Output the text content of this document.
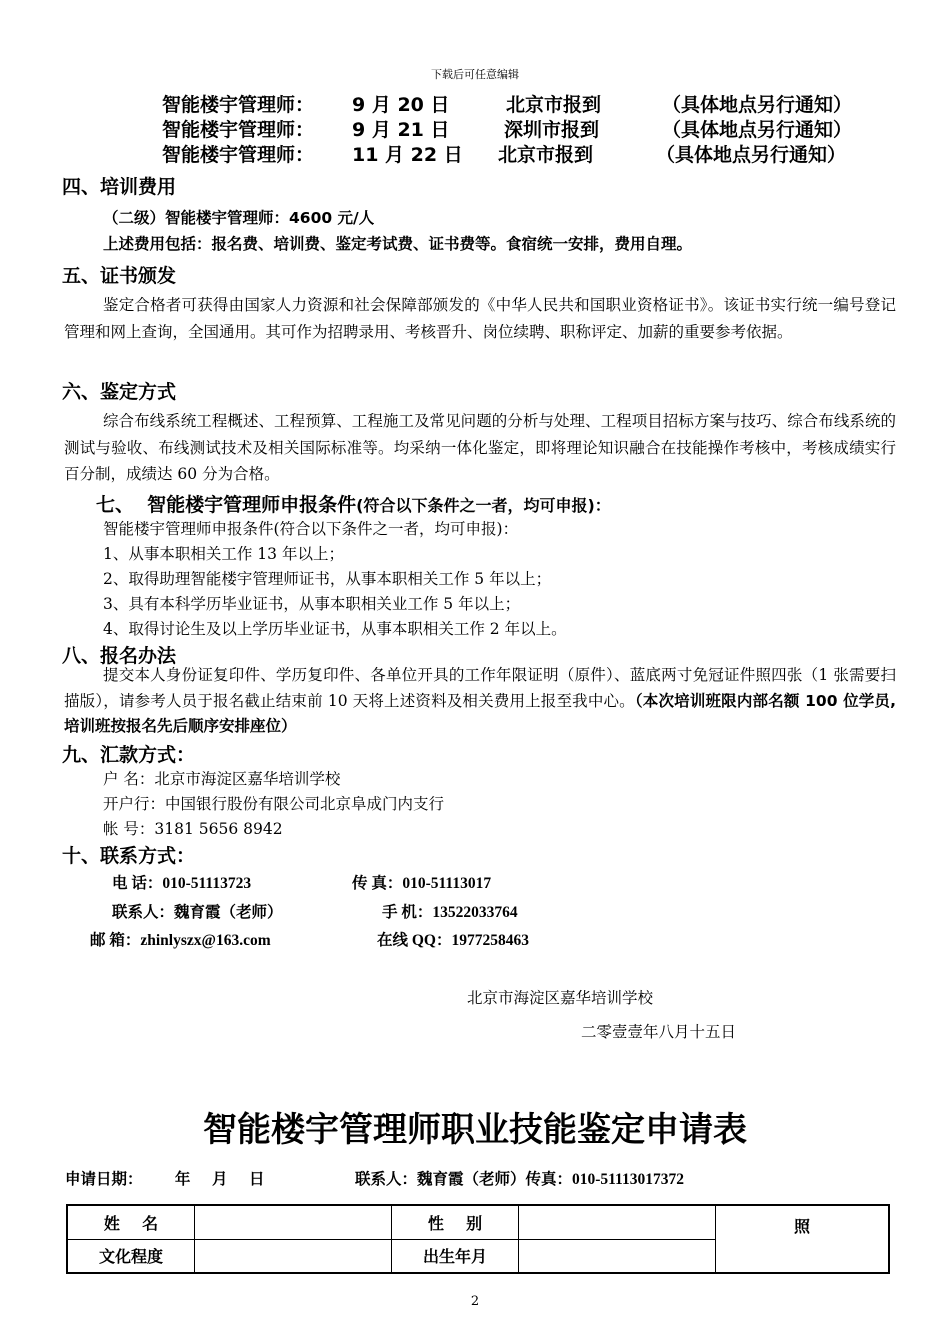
下载后可任意编辑
智能楼宇管理师： 9 月 20 日	北京市报到	（具体地点另行通知）
智能楼宇管理师： 9 月 21 日	深圳市报到	（具体地点另行通知）
智能楼宇管理师： 11 月 22 日 北京市报到	（具体地点另行通知）
四、培训费用
（二级）智能楼宇管理师：4600 元/人
上述费用包括：报名费、培训费、鉴定考试费、证书费等。食宿统一安排，费用自理。
五、证书颁发

鉴定合格者可获得由国家人力资源和社会保障部颁发的《中华人民共和国职业资格证书》。该证书实行统一编号登记管理和网上查询，全国通用。其可作为招聘录用、考核晋升、岗位续聘、职称评定、加薪的重要参考依据。

六、鉴定方式

综合布线系统工程概述、工程预算、工程施工及常见问题的分析与处理、工程项目招标方案与技巧、综合布线系统的测试与验收、布线测试技术及相关国际标准等。均采纳一体化鉴定，即将理论知识融合在技能操作考核中，考核成绩实行百分制，成绩达 60 分为合格。

七、 智能楼宇管理师申报条件(符合以下条件之一者，均可申报)：
智能楼宇管理师申报条件(符合以下条件之一者，均可申报)：
1、从事本职相关工作 13 年以上；
2、取得助理智能楼宇管理师证书，从事本职相关工作 5 年以上；
3、具有本科学历毕业证书，从事本职相关业工作 5 年以上；
4、取得讨论生及以上学历毕业证书，从事本职相关工作 2 年以上。
八、报名办法

提交本人身份证复印件、学历复印件、各单位开具的工作年限证明（原件）、蓝底两寸免冠证件照四张（1 张需要扫描版），请参考人员于报名截止结束前 10 天将上述资料及相关费用上报至我中心。（本次培训班限内部名额 100 位学员,培训班按报名先后顺序安排座位）

九、汇款方式：
户 名：北京市海淀区嘉华培训学校
开户行：中国银行股份有限公司北京阜成门内支行
帐 号：3181 5656 8942
十、联系方式：
电 话：010-51113723	传 真：010-51113017
联系人：魏育霞（老师）	手 机：13522033764
邮 箱：zhinlyszx@163.com	在线 QQ：1977258463
北京市海淀区嘉华培训学校
二零壹壹年八月十五日
智能楼宇管理师职业技能鉴定申请表
申请日期：      年    月    日	联系人：魏育霞（老师）传真：010-51113017372
姓    名		性    别		照
文化程度		出生年月		
2
